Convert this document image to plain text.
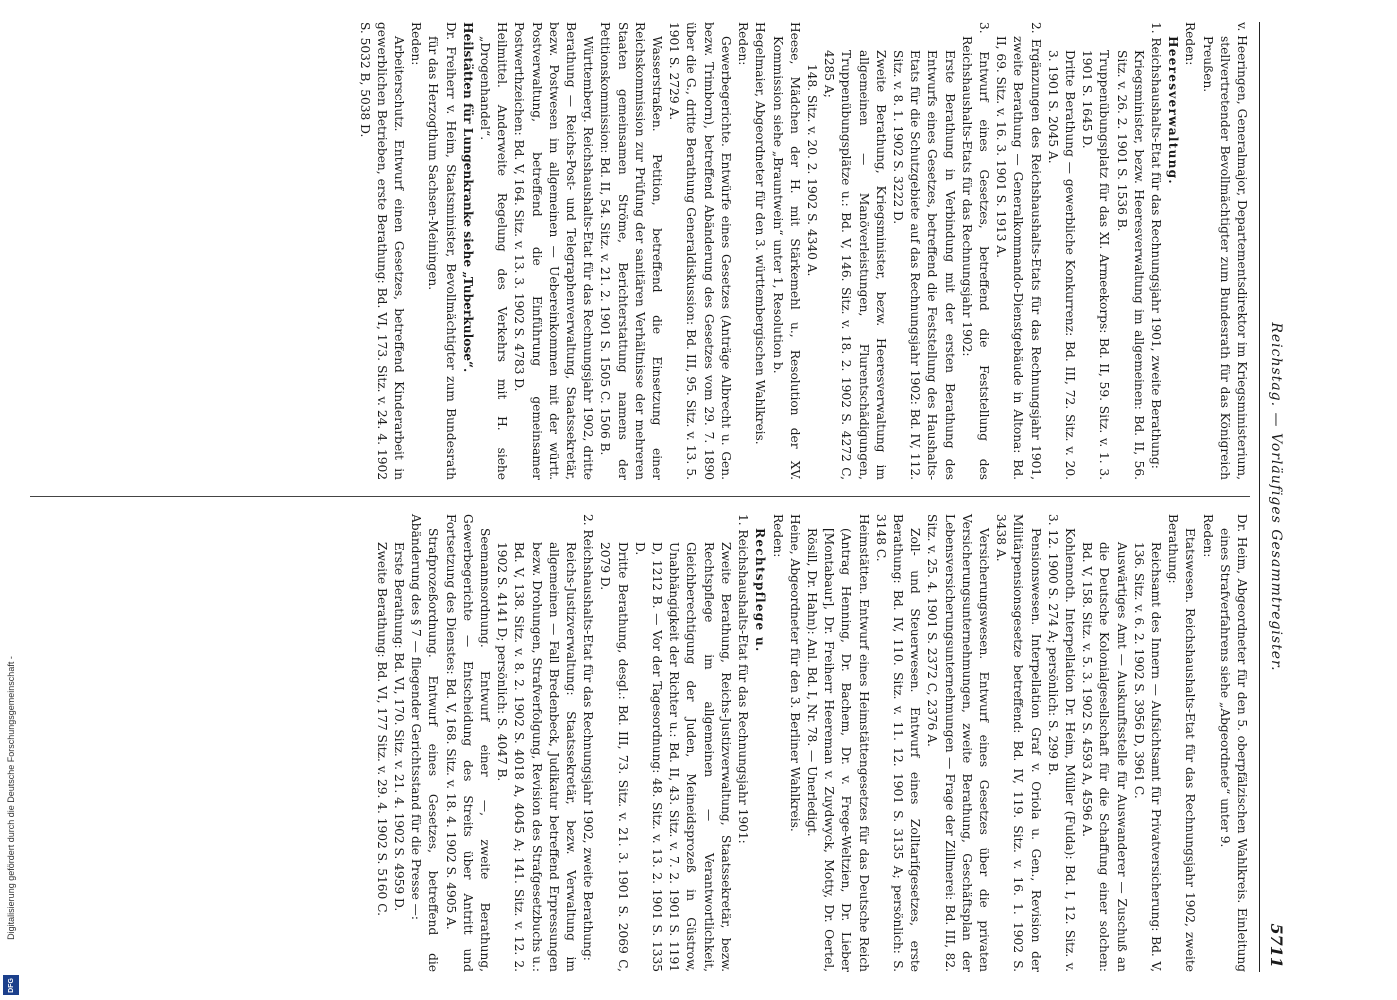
Digitalisierung gefördert durch die Deutsche Forschungsgemeinschaft -
DFG
Reichstag. — Vorläufiges Gesammtregister.
5711

v. Heeringen, Generalmajor, Departementsdirektor im Kriegsministerium, stellvertretender Bevollmächtigter zum Bundesrath für das Königreich Preußen.

Reden:

Heeresverwaltung.

1. Reichshaushalts-Etat für das Rechnungsjahr 1901, zweite Berathung:

Kriegsminister, bezw. Heeresverwaltung im allgemeinen: Bd. II, 56. Sitz. v. 26. 2. 1901 S. 1536 B.

Truppenübungsplatz für das XI. Armeekorps: Bd. II, 59. Sitz. v. 1. 3. 1901 S. 1645 D.

Dritte Berathung — gewerbliche Konkurrenz: Bd. III, 72. Sitz. v. 20. 3. 1901 S. 2045 A.

2. Ergänzungen des Reichshaushalts-Etats für das Rechnungsjahr 1901, zweite Berathung — Generalkommando-Dienstgebäude in Altona: Bd. II, 69. Sitz. v. 16. 3. 1901 S. 1913 A.

3. Entwurf eines Gesetzes, betreffend die Feststellung des Reichshaushalts-Etats für das Rechnungsjahr 1902:

Erste Berathung in Verbindung mit der ersten Berathung des Entwurfs eines Gesetzes, betreffend die Feststellung des Haushalts-Etats für die Schutzgebiete auf das Rechnungsjahr 1902: Bd. IV, 112. Sitz. v. 8. 1. 1902 S. 3222 D.

Zweite Berathung, Kriegsminister, bezw. Heeresverwaltung im allgemeinen — Manöverleistungen, Flurentschädigungen, Truppenübungsplätze u.: Bd. V, 146. Sitz. v. 18. 2. 1902 S. 4272 C, 4285 A;

148. Sitz. v. 20. 2. 1902 S. 4340 A.

Heese, Mädchen der H. mit Stärkemehl u., Resolution der XV. Kommission siehe „Brauntwein“ unter 1, Resolution b.

Hegelmaier, Abgeordneter für den 3. württembergischen Wahlkreis.

Reden:

Gewerbegerichte. Entwürfe eines Gesetzes (Anträge Albrecht u. Gen. bezw. Trimborn), betreffend Abänderung des Gesetzes vom 29. 7. 1890 über die G., dritte Berathung Generaldiskussion: Bd. III, 95. Sitz. v. 13. 5. 1901 S. 2729 A.

Wasserstraßen. Petition, betreffend die Einsetzung einer Reichskommission zur Prüfung der sanitären Verhältnisse der mehreren Staaten gemeinsamen Ströme, Berichterstattung namens der Petitionskommission: Bd. II, 54. Sitz. v. 21. 2. 1901 S. 1505 C. 1506 B.

Württemberg. Reichshaushalts-Etat für das Rechnungsjahr 1902, dritte Berathung — Reichs-Post- und Telegraphenverwaltung, Staatssekretär, bezw. Postwesen im allgemeinen — Uebereinkommen mit der württ. Postverwaltung, betreffend die Einführung gemeinsamer Postwerthzeichen: Bd. V, 164. Sitz. v. 13. 3. 1902 S. 4783 D.

Heilmittel. Anderweite Regelung des Verkehrs mit H. siehe „Drogenhandel“.

Heilstätten für Lungenkranke siehe „Tuberkulose“.

Dr. Freiherr v. Heim, Staatsminister, Bevollmächtigter zum Bundesrath für das Herzogthum Sachsen-Meiningen.

Reden:

Arbeiterschutz. Entwurf einen Gesetzes, betreffend Kinderarbeit in gewerblichen Betrieben, erste Berathung: Bd. VI, 173. Sitz. v. 24. 4. 1902 S. 5032 B, 5038 D.

Dr. Heim, Abgeordneter für den 5. oberpfälzischen Wahlkreis. Einleitung eines Strafverfahrens siehe „Abgeordnete“ unter 9.

Reden:

Etatswesen. Reichshaushalts-Etat für das Rechnungsjahr 1902, zweite Berathung:

Reichsamt des Innern — Aufsichtsamt für Privatversicherung: Bd. V, 136. Sitz. v. 6. 2. 1902 S. 3956 D, 3961 C.

Auswärtiges Amt — Auskunftsstelle für Auswanderer — Zuschuß an die Deutsche Kolonialgesellschaft für die Schaffung einer solchen: Bd. V, 158. Sitz. v. 5. 3. 1902 S. 4593 A, 4596 A.

Kohlennoth. Interpellation Dr. Heim, Müller (Fulda): Bd. I, 12. Sitz. v. 3. 12. 1900 S. 274 A; persönlich: S. 299 B.

Pensionswesen. Interpellation Graf v. Oriola u. Gen., Revision der Militärpensionsgesetze betreffend: Bd. IV, 119. Sitz. v. 16. 1. 1902 S. 3438 A.

Versicherungswesen. Entwurf eines Gesetzes über die privaten Versicherungsunternehmungen, zweite Berathung, Geschäftsplan der Lebensversicherungsunternehmungen — Frage der Zillmerei: Bd. III, 82. Sitz. v. 25. 4. 1901 S. 2372 C, 2376 A.

Zoll- und Steuerwesen. Entwurf eines Zolltarifgesetzes, erste Berathung: Bd. IV, 110. Sitz. v. 11. 12. 1901 S. 3135 A; persönlich: S. 3148 C.

Heimstätten. Entwurf eines Heimstättengesetzes für das Deutsche Reich (Antrag Henning, Dr. Bachem, Dr. v. Frege-Weltzien, Dr. Lieber [Montabaur], Dr. Freiherr Heereman v. Zuydwyck, Motty, Dr. Oertel, Rösill, Dr. Hahn): Anl. Bd. I, Nr. 78. — Unerledigt.

Heine, Abgeordneter für den 3. Berliner Wahlkreis.

Reden:

Rechtspflege u.

1. Reichshaushalts-Etat für das Rechnungsjahr 1901:

Zweite Berathung, Reichs-Justizverwaltung, Staatssekretär, bezw. Rechtspflege im allgemeinen — Verantwortlichkeit, Gleichberechtigung der Juden, Meineidsprozeß in Güstrow, Unabhängigkeit der Richter u.: Bd. II, 43. Sitz. v. 7. 2. 1901 S. 1191 D, 1212 B. — Vor der Tagesordnung: 48. Sitz. v. 13. 2. 1901 S. 1335 D.

Dritte Berathung, desgl.: Bd. III, 73. Sitz. v. 21. 3. 1901 S. 2069 C, 2079 D.

2. Reichshaushalts-Etat für das Rechnungsjahr 1902, zweite Berathung:

Reichs-Justizverwaltung: Staatssekretär, bezw. Verwaltung im allgemeinen — Fall Bredenbeck, Judikatur betreffend Erpressungen bezw. Drohungen, Strafverfolgung, Revision des Strafgesetzbuchs u.: Bd. V, 138. Sitz. v. 8. 2. 1902 S. 4018 A, 4045 A; 141. Sitz. v. 12. 2. 1902 S. 4141 D; persönlich: S. 4047 B.

Seemannsordnung. Entwurf einer —, zweite Berathung, Gewerbegerichte — Entscheidung des Streits über Antritt und Fortsetzung des Dienstes: Bd. V, 168. Sitz. v. 18. 4. 1902 S. 4905 A.

Strafprozeßordnung. Entwurf eines Gesetzes, betreffend die Abänderung des § 7 — fliegender Gerichtsstand für die Presse —:

Erste Berathung: Bd. VI, 170. Sitz. v. 21. 4. 1902 S. 4959 D.

Zweite Berathung: Bd. VI, 177 Sitz. v. 29. 4. 1902 S. 5160 C.
